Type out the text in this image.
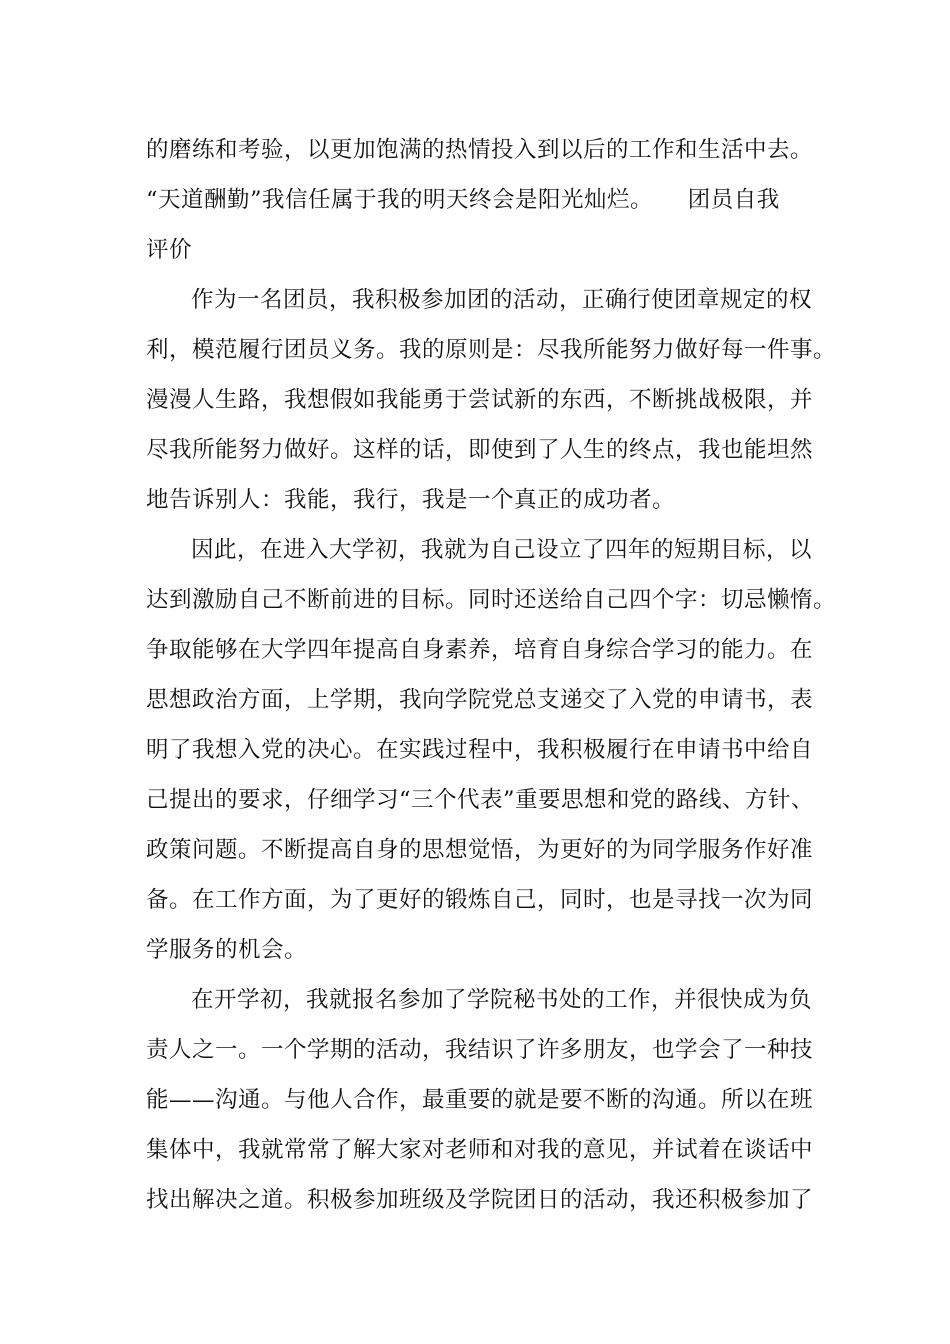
的磨练和考验，以更加饱满的热情投入到以后的工作和生活中去。
“天道酬勤”我信任属于我的明天终会是阳光灿烂。　　团员自我
评价
作为一名团员，我积极参加团的活动，正确行使团章规定的权
利，模范履行团员义务。我的原则是：尽我所能努力做好每一件事。
漫漫人生路，我想假如我能勇于尝试新的东西，不断挑战极限，并
尽我所能努力做好。这样的话，即使到了人生的终点，我也能坦然
地告诉别人：我能，我行，我是一个真正的成功者。
因此，在进入大学初，我就为自己设立了四年的短期目标，以
达到激励自己不断前进的目标。同时还送给自己四个字：切忌懒惰。
争取能够在大学四年提高自身素养，培育自身综合学习的能力。在
思想政治方面，上学期，我向学院党总支递交了入党的申请书，表
明了我想入党的决心。在实践过程中，我积极履行在申请书中给自
己提出的要求，仔细学习“三个代表”重要思想和党的路线、方针、
政策问题。不断提高自身的思想觉悟，为更好的为同学服务作好准
备。在工作方面，为了更好的锻炼自己，同时，也是寻找一次为同
学服务的机会。
在开学初，我就报名参加了学院秘书处的工作，并很快成为负
责人之一。一个学期的活动，我结识了许多朋友，也学会了一种技
能——沟通。与他人合作，最重要的就是要不断的沟通。所以在班
集体中，我就常常了解大家对老师和对我的意见，并试着在谈话中
找出解决之道。积极参加班级及学院团日的活动，我还积极参加了
